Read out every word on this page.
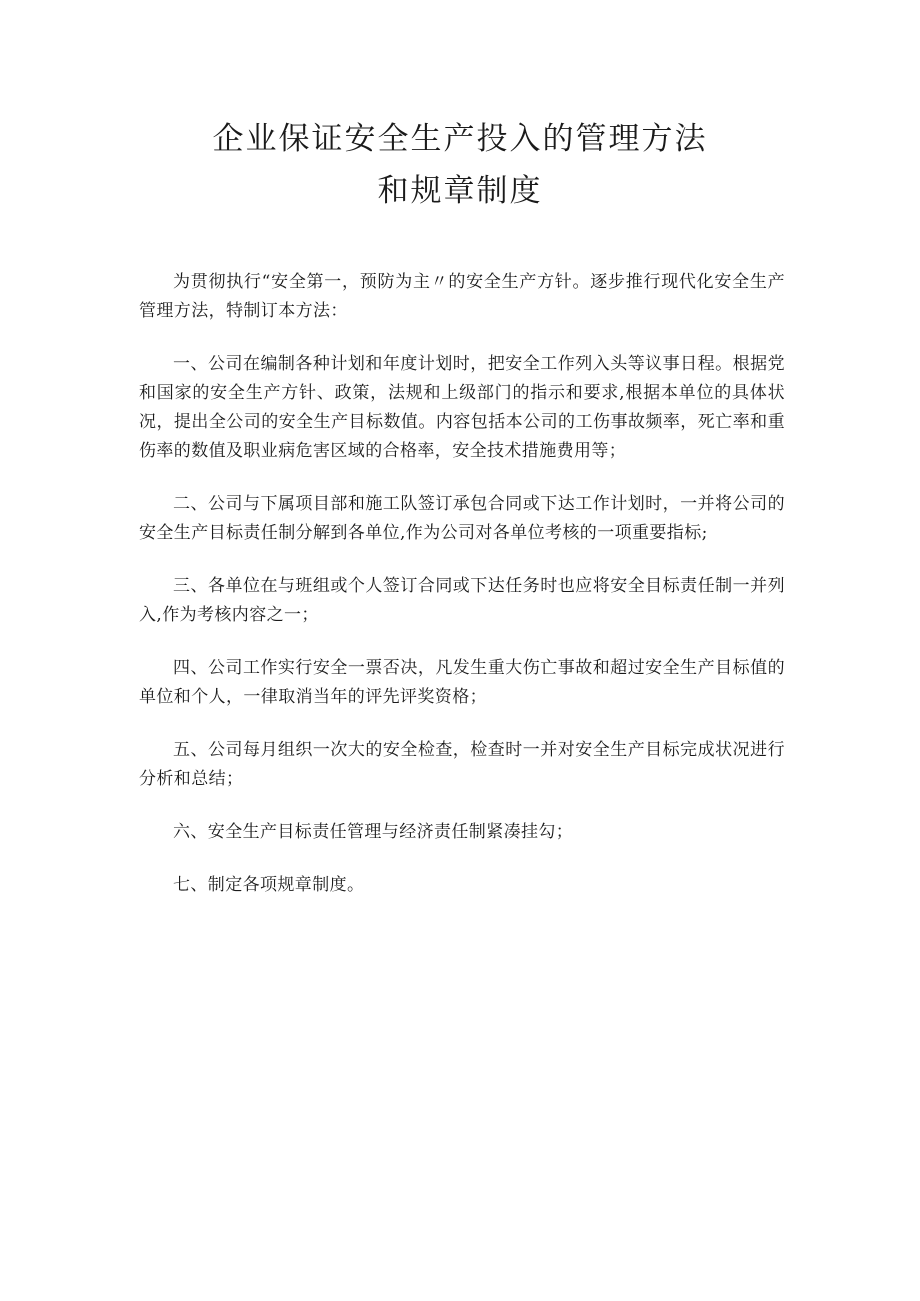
企业保证安全生产投入的管理方法
和规章制度

为贯彻执行“安全第一，预防为主〃的安全生产方针。逐步推行现代化安全生产管理方法，特制订本方法：

一、公司在编制各种计划和年度计划时，把安全工作列入头等议事日程。根据党和国家的安全生产方针、政策，法规和上级部门的指示和要求,根据本单位的具体状况，提出全公司的安全生产目标数值。内容包括本公司的工伤事故频率，死亡率和重伤率的数值及职业病危害区域的合格率，安全技术措施费用等；

二、公司与下属项目部和施工队签订承包合同或下达工作计划时，一并将公司的安全生产目标责任制分解到各单位,作为公司对各单位考核的一项重要指标;

三、各单位在与班组或个人签订合同或下达任务时也应将安全目标责任制一并列入,作为考核内容之一；

四、公司工作实行安全一票否决，凡发生重大伤亡事故和超过安全生产目标值的单位和个人，一律取消当年的评先评奖资格；

五、公司每月组织一次大的安全检查，检查时一并对安全生产目标完成状况进行分析和总结；

六、安全生产目标责任管理与经济责任制紧凑挂勾；

七、制定各项规章制度。
